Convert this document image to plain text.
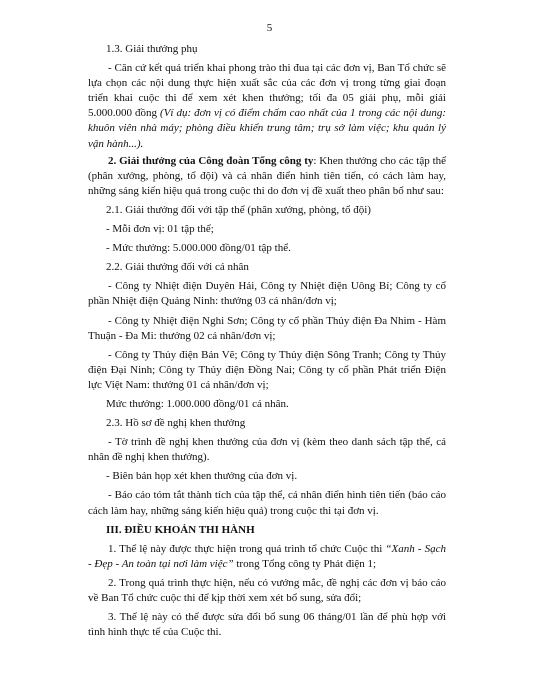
5

1.3. Giải thưởng phụ

- Căn cứ kết quả triển khai phong trào thi đua tại các đơn vị, Ban Tổ chức sẽ lựa chọn các nội dung thực hiện xuất sắc của các đơn vị trong từng giai đoạn triển khai cuộc thi để xem xét khen thưởng; tối đa 05 giải phụ, mỗi giải 5.000.000 đồng (Ví dụ: đơn vị có điểm chấm cao nhất của 1 trong các nội dung: khuôn viên nhà máy; phòng điều khiển trung tâm; trụ sở làm việc; khu quản lý vận hành...).

2. Giải thưởng của Công đoàn Tổng công ty: Khen thưởng cho các tập thể (phân xưởng, phòng, tổ đội) và cá nhân điển hình tiên tiến, có cách làm hay, những sáng kiến hiệu quả trong cuộc thi do đơn vị đề xuất theo phân bổ như sau:

2.1. Giải thưởng đối với tập thể (phân xưởng, phòng, tổ đội)

- Mỗi đơn vị: 01 tập thể;

- Mức thưởng: 5.000.000 đồng/01 tập thể.

2.2. Giải thưởng đối với cá nhân

- Công ty Nhiệt điện Duyên Hải, Công ty Nhiệt điện Uông Bí; Công ty cổ phần Nhiệt điện Quảng Ninh: thưởng 03 cá nhân/đơn vị;

- Công ty Nhiệt điện Nghi Sơn; Công ty cổ phần Thủy điện Đa Nhim - Hàm Thuận - Đa Mi: thưởng 02 cá nhân/đơn vị;

- Công ty Thủy điện Bản Vẽ; Công ty Thủy điện Sông Tranh; Công ty Thủy điện Đại Ninh; Công ty Thủy điện Đồng Nai; Công ty cổ phần Phát triển Điện lực Việt Nam: thưởng 01 cá nhân/đơn vị;

Mức thưởng: 1.000.000 đồng/01 cá nhân.

2.3. Hồ sơ đề nghị khen thưởng

- Tờ trình đề nghị khen thưởng của đơn vị (kèm theo danh sách tập thể, cá nhân đề nghị khen thưởng).

- Biên bản họp xét khen thưởng của đơn vị.

- Báo cáo tóm tắt thành tích của tập thể, cá nhân điển hình tiên tiến (báo cáo cách làm hay, những sáng kiến hiệu quả) trong cuộc thi tại đơn vị.

III. ĐIỀU KHOẢN THI HÀNH

1. Thể lệ này được thực hiện trong quá trình tổ chức Cuộc thi “Xanh - Sạch - Đẹp - An toàn tại nơi làm việc” trong Tổng công ty Phát điện 1;

2. Trong quá trình thực hiện, nếu có vướng mắc, đề nghị các đơn vị báo cáo về Ban Tổ chức cuộc thi để kịp thời xem xét bổ sung, sửa đổi;

3. Thể lệ này có thể được sửa đổi bổ sung 06 tháng/01 lần để phù hợp với tình hình thực tế của Cuộc thi.
